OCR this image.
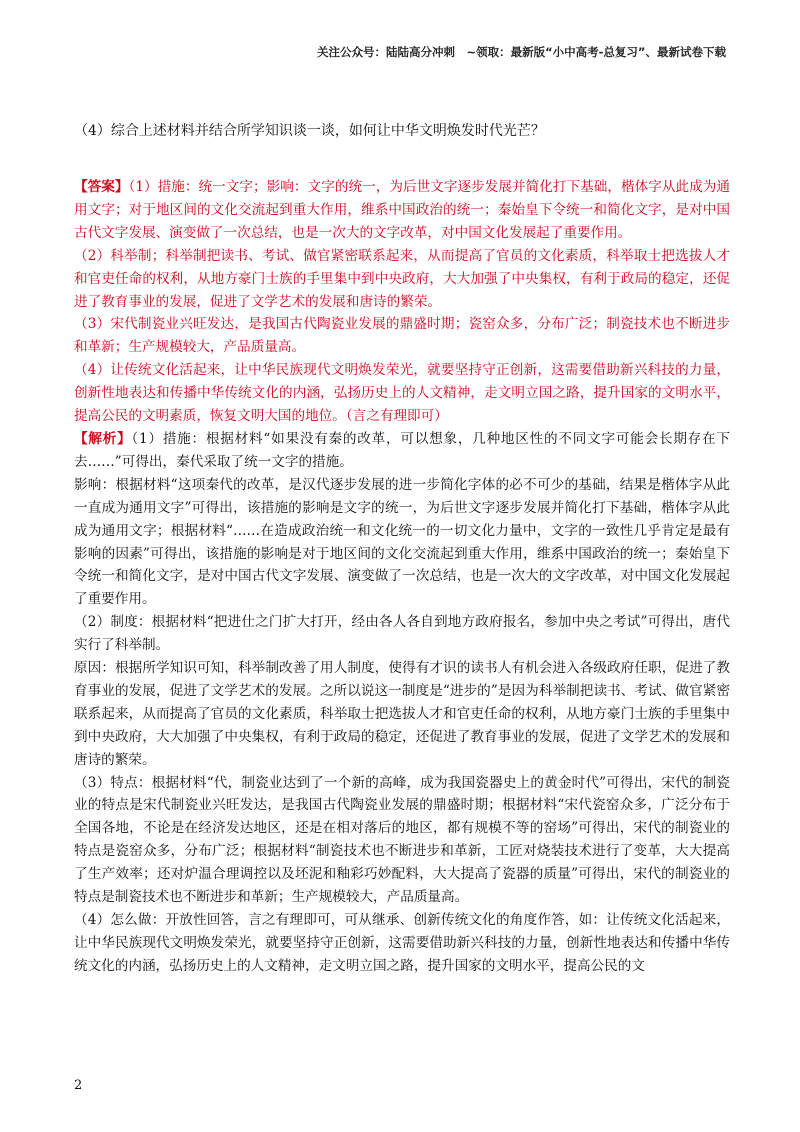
关注公众号：陆陆高分冲刺　~领取：最新版“小中高考-总复习”、最新试卷下载
（4）综合上述材料并结合所学知识谈一谈，如何让中华文明焕发时代光芒？

【答案】（1）措施：统一文字；影响：文字的统一，为后世文字逐步发展并简化打下基础，楷体字从此成为通用文字；对于地区间的文化交流起到重大作用，维系中国政治的统一；秦始皇下令统一和简化文字，是对中国古代文字发展、演变做了一次总结，也是一次大的文字改革，对中国文化发展起了重要作用。

（2）科举制；科举制把读书、考试、做官紧密联系起来，从而提高了官员的文化素质，科举取士把选拔人才和官吏任命的权利，从地方豪门士族的手里集中到中央政府，大大加强了中央集权，有利于政局的稳定，还促进了教育事业的发展，促进了文学艺术的发展和唐诗的繁荣。

（3）宋代制瓷业兴旺发达，是我国古代陶瓷业发展的鼎盛时期；瓷窑众多，分布广泛；制瓷技术也不断进步和革新；生产规模较大，产品质量高。

（4）让传统文化活起来，让中华民族现代文明焕发荣光，就要坚持守正创新，这需要借助新兴科技的力量，创新性地表达和传播中华传统文化的内涵，弘扬历史上的人文精神，走文明立国之路，提升国家的文明水平，提高公民的文明素质，恢复文明大国的地位。（言之有理即可）

【解析】（1）措施：根据材料“如果没有秦的改革，可以想象，几种地区性的不同文字可能会长期存在下去……”可得出，秦代采取了统一文字的措施。

影响：根据材料“这项秦代的改革，是汉代逐步发展的进一步简化字体的必不可少的基础，结果是楷体字从此一直成为通用文字”可得出，该措施的影响是文字的统一，为后世文字逐步发展并简化打下基础，楷体字从此成为通用文字；根据材料“……在造成政治统一和文化统一的一切文化力量中，文字的一致性几乎肯定是最有影响的因素”可得出，该措施的影响是对于地区间的文化交流起到重大作用，维系中国政治的统一；秦始皇下令统一和简化文字，是对中国古代文字发展、演变做了一次总结，也是一次大的文字改革，对中国文化发展起了重要作用。

（2）制度：根据材料“把进仕之门扩大打开，经由各人各自到地方政府报名，参加中央之考试”可得出，唐代实行了科举制。

原因：根据所学知识可知，科举制改善了用人制度，使得有才识的读书人有机会进入各级政府任职，促进了教育事业的发展，促进了文学艺术的发展。之所以说这一制度是“进步的”是因为科举制把读书、考试、做官紧密联系起来，从而提高了官员的文化素质，科举取士把选拔人才和官吏任命的权利，从地方豪门士族的手里集中到中央政府，大大加强了中央集权，有利于政局的稳定，还促进了教育事业的发展，促进了文学艺术的发展和唐诗的繁荣。

（3）特点：根据材料“代，制瓷业达到了一个新的高峰，成为我国瓷器史上的黄金时代”可得出，宋代的制瓷业的特点是宋代制瓷业兴旺发达，是我国古代陶瓷业发展的鼎盛时期；根据材料“宋代瓷窑众多，广泛分布于全国各地，不论是在经济发达地区，还是在相对落后的地区，都有规模不等的窑场”可得出，宋代的制瓷业的特点是瓷窑众多，分布广泛；根据材料“制瓷技术也不断进步和革新，工匠对烧装技术进行了变革，大大提高了生产效率；还对炉温合理调控以及坯泥和釉彩巧妙配料，大大提高了瓷器的质量”可得出，宋代的制瓷业的特点是制瓷技术也不断进步和革新；生产规模较大，产品质量高。

（4）怎么做：开放性回答，言之有理即可，可从继承、创新传统文化的角度作答，如：让传统文化活起来，让中华民族现代文明焕发荣光，就要坚持守正创新，这需要借助新兴科技的力量，创新性地表达和传播中华传统文化的内涵，弘扬历史上的人文精神，走文明立国之路，提升国家的文明水平，提高公民的文

2
